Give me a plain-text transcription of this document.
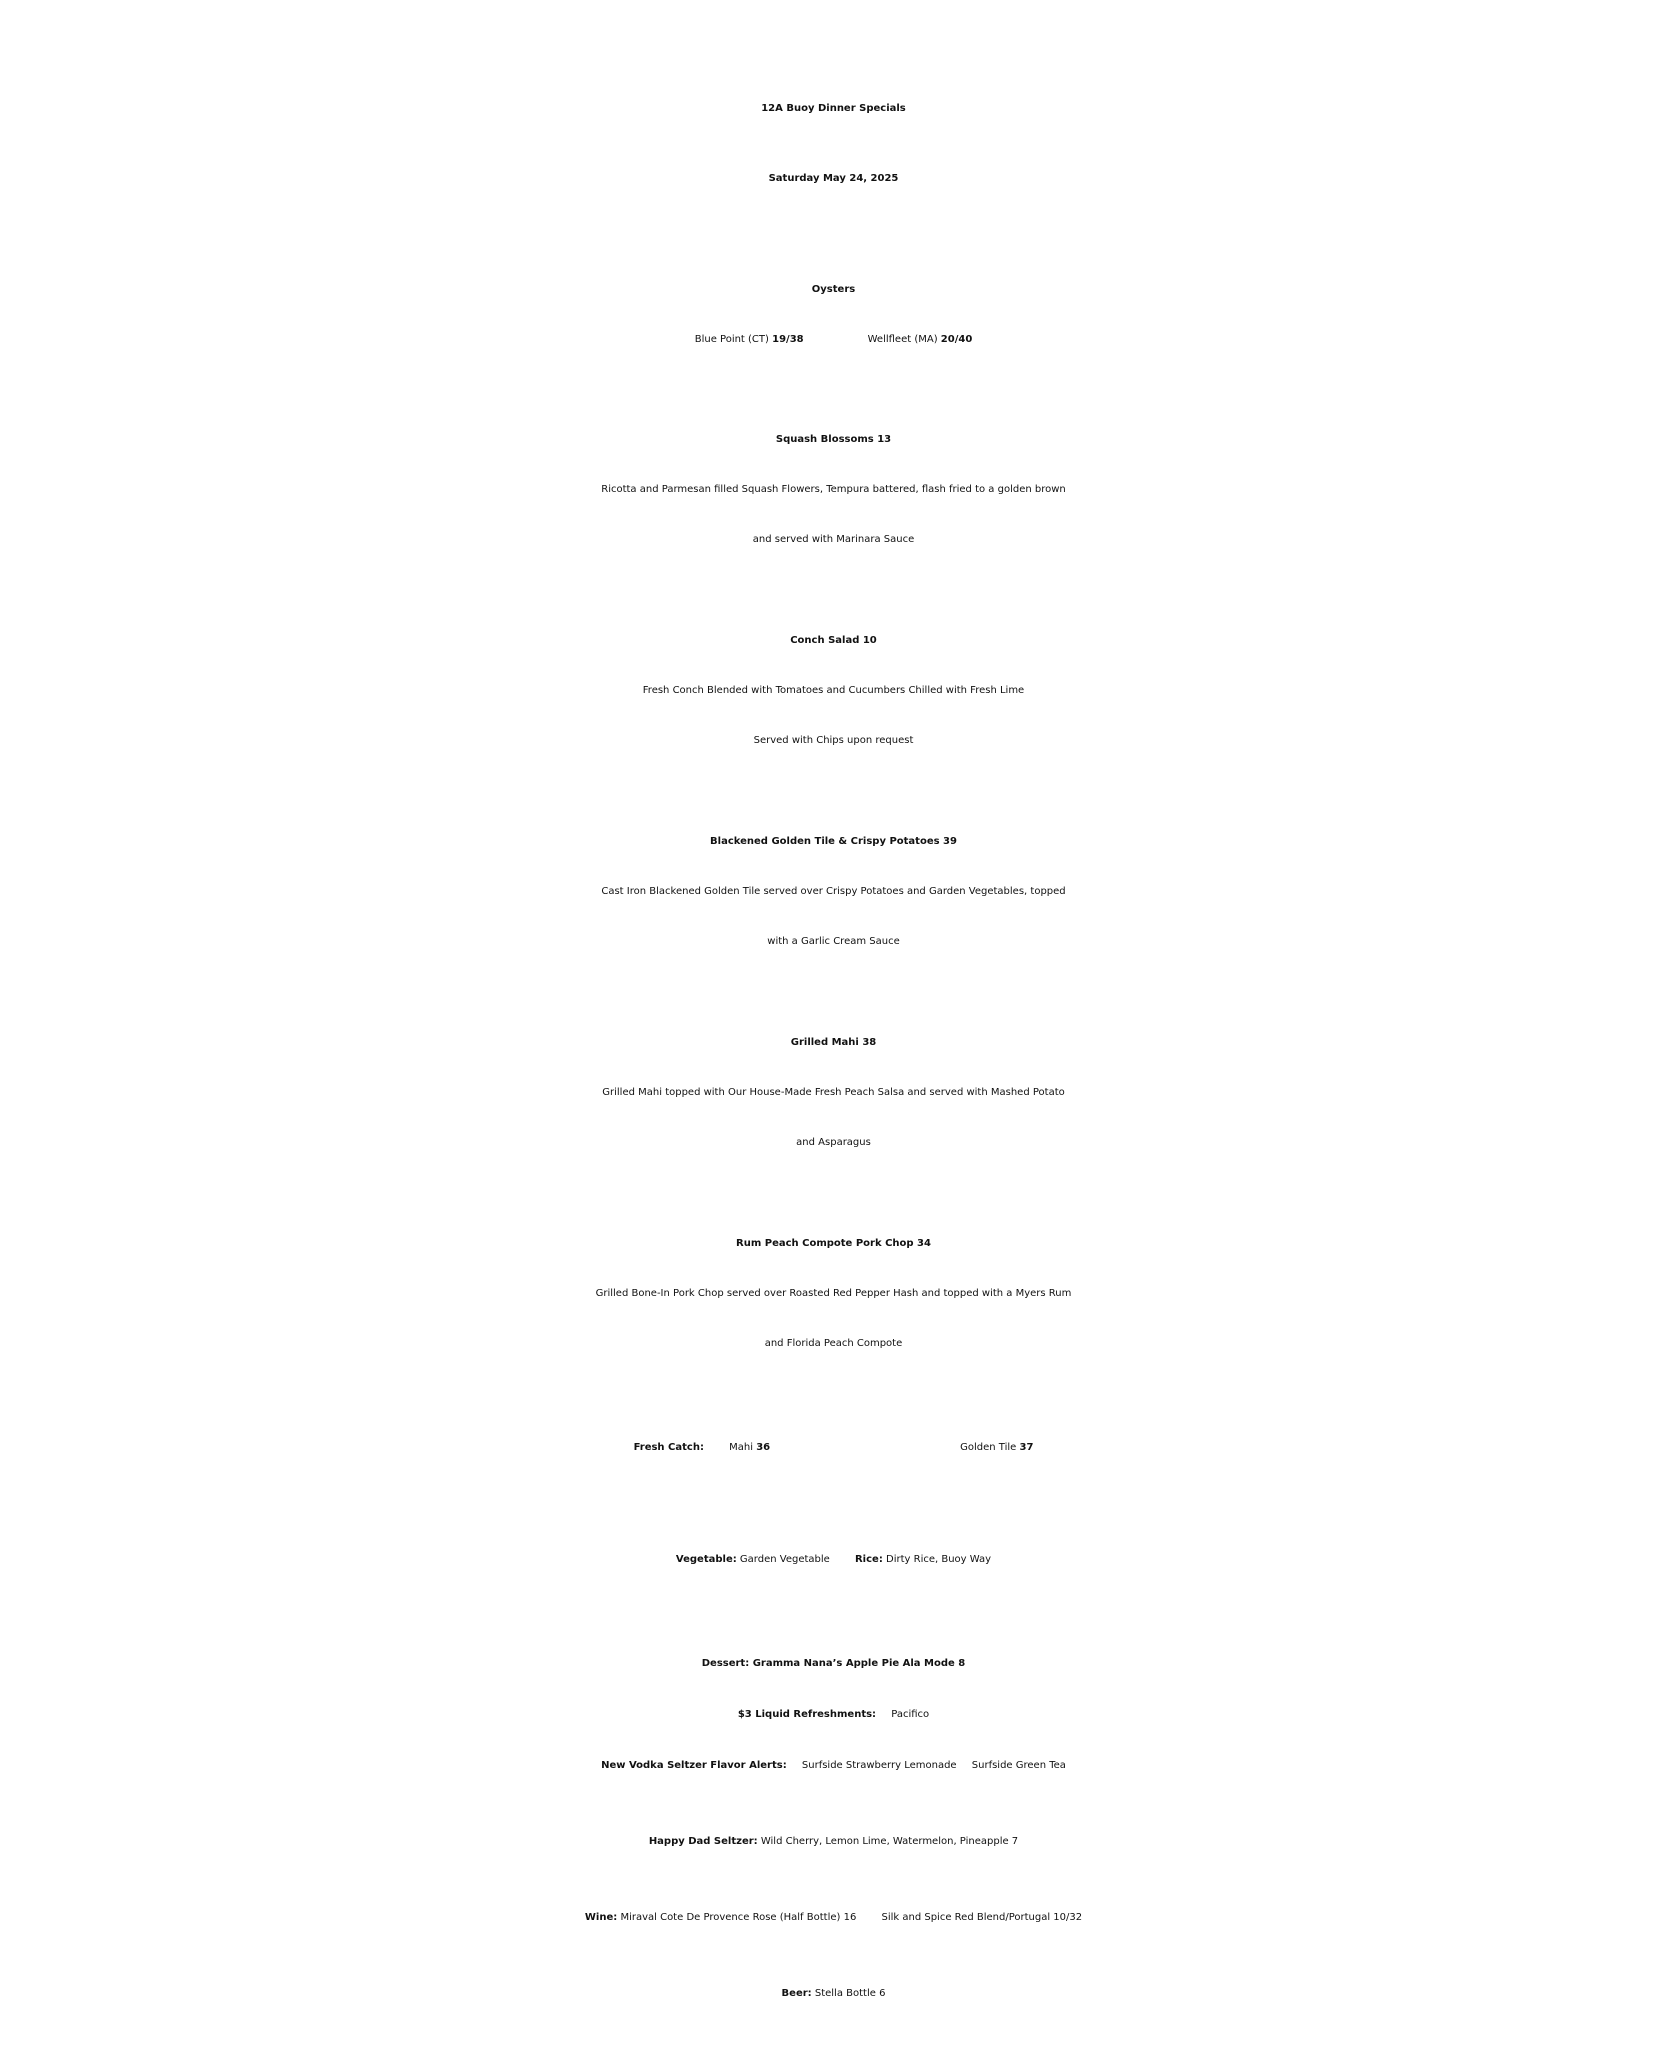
12A Buoy Dinner Specials
Saturday May 24, 2025
Oysters
Blue Point (CT) 19/38	Wellfleet (MA) 20/40
Squash Blossoms 13
Ricotta and Parmesan filled Squash Flowers, Tempura battered, flash fried to a golden brown
and served with Marinara Sauce
Conch Salad 10
Fresh Conch Blended with Tomatoes and Cucumbers Chilled with Fresh Lime
Served with Chips upon request
Blackened Golden Tile & Crispy Potatoes 39
Cast Iron Blackened Golden Tile served over Crispy Potatoes and Garden Vegetables, topped
with a Garlic Cream Sauce
Grilled Mahi 38
Grilled Mahi topped with Our House-Made Fresh Peach Salsa and served with Mashed Potato
and Asparagus
Rum Peach Compote Pork Chop 34
Grilled Bone-In Pork Chop served over Roasted Red Pepper Hash and topped with a Myers Rum
and Florida Peach Compote
Fresh Catch:	Mahi 36	Golden Tile 37
Vegetable: Garden Vegetable	Rice: Dirty Rice, Buoy Way
Dessert: Gramma Nana’s Apple Pie Ala Mode 8
$3 Liquid Refreshments: Pacifico
New Vodka Seltzer Flavor Alerts: Surfside Strawberry Lemonade Surfside Green Tea
Happy Dad Seltzer: Wild Cherry, Lemon Lime, Watermelon, Pineapple 7
Wine: Miraval Cote De Provence Rose (Half Bottle) 16	Silk and Spice Red Blend/Portugal 10/32
Beer: Stella Bottle 6
